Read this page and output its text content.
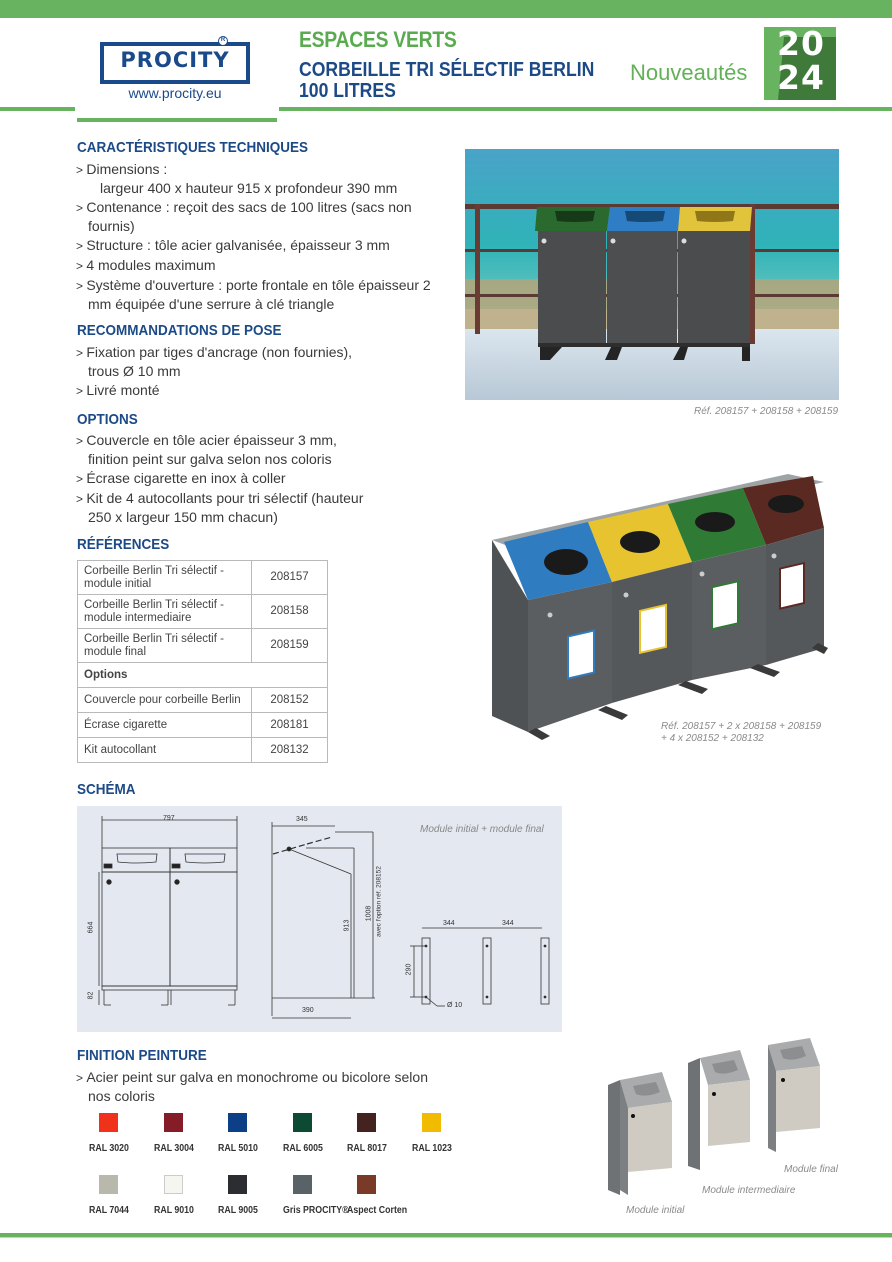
PROCITY
R
www.procity.eu
ESPACES VERTS
CORBEILLE TRI SÉLECTIF BERLIN
100 LITRES
Nouveautés
20
24
CARACTÉRISTIQUES TECHNIQUES
> Dimensions :
largeur 400 x hauteur 915 x profondeur 390 mm
> Contenance : reçoit des sacs de 100 litres (sacs non fournis)
> Structure : tôle acier galvanisée, épaisseur 3 mm
> 4 modules maximum
> Système d'ouverture : porte frontale en tôle épaisseur 2 mm équipée d'une serrure à clé triangle
RECOMMANDATIONS DE POSE
> Fixation par tiges d'ancrage (non fournies), trous Ø 10 mm
> Livré monté
OPTIONS
> Couvercle en tôle acier épaisseur 3 mm, finition peint sur galva selon nos coloris
> Écrase cigarette en inox à coller
> Kit de 4 autocollants pour tri sélectif (hauteur 250 x largeur 150 mm chacun)
RÉFÉRENCES
Corbeille Berlin Tri sélectif - module initial	208157
Corbeille Berlin Tri sélectif - module intermediaire	208158
Corbeille Berlin Tri sélectif - module final	208159
Options	
Couvercle pour corbeille Berlin	208152
Écrase cigarette	208181
Kit autocollant	208132
Réf. 208157 + 208158 + 208159
Réf. 208157 + 2 x 208158 + 208159
+ 4 x 208152 + 208132
SCHÉMA
797
664
82
345
913
1008 avec l'option réf. 208152
390
344	344
290
Ø 10
Module initial + module final
FINITION PEINTURE
> Acier peint sur galva en monochrome ou bicolore selon nos coloris
RAL 3020 RAL 3004 RAL 5010 RAL 6005 RAL 8017 RAL 1023
RAL 7044 RAL 9010 RAL 9005 Gris PROCITY®
Aspect Corten	Module initial
Module intermediaire
Module final
